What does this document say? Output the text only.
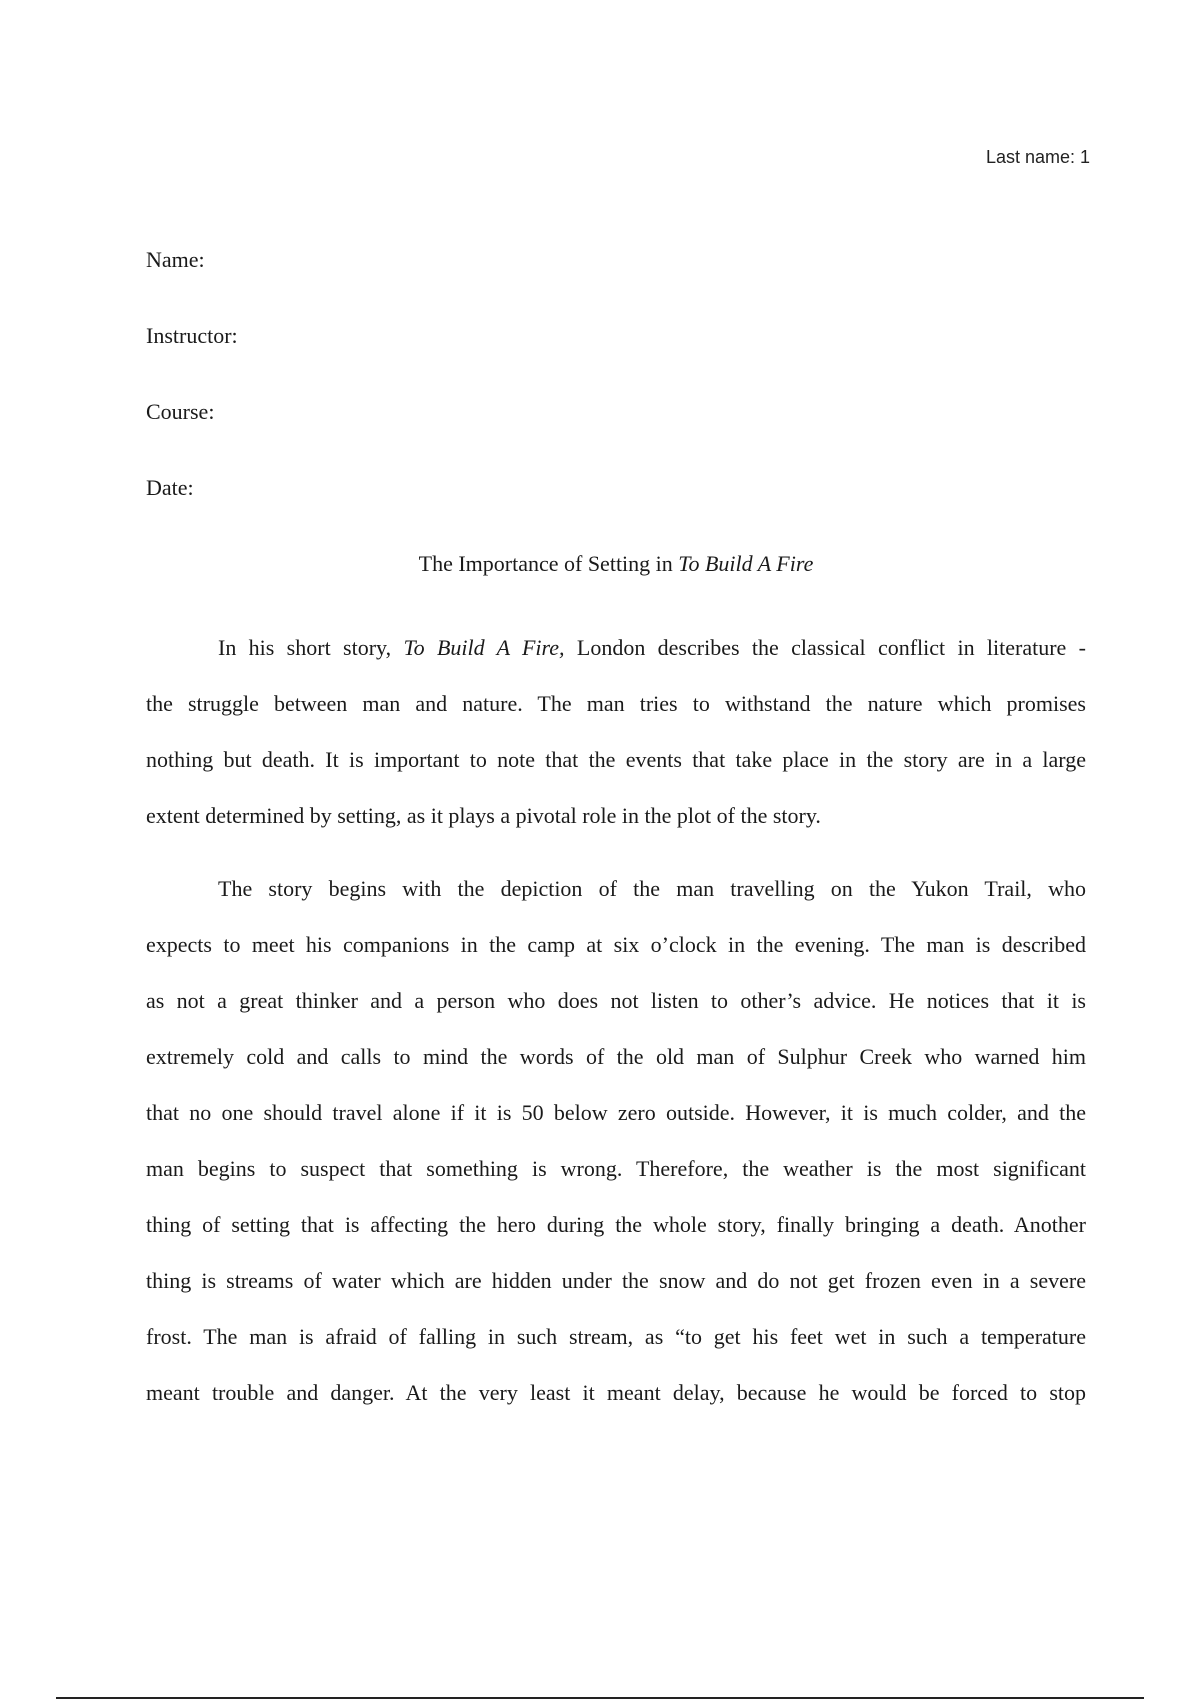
Last name: 1
Name:
Instructor:
Course:
Date:
The Importance of Setting in To Build A Fire
In his short story, To Build A Fire, London describes the classical conflict in literature -
the struggle between man and nature. The man tries to withstand the nature which promises
nothing but death. It is important to note that the events that take place in the story are in a large
extent determined by setting, as it plays a pivotal role in the plot of the story.
The story begins with the depiction of the man travelling on the Yukon Trail, who
expects to meet his companions in the camp at six o’clock in the evening. The man is described
as not a great thinker and a person who does not listen to other’s advice. He notices that it is
extremely cold and calls to mind the words of the old man of Sulphur Creek who warned him
that no one should travel alone if it is 50 below zero outside. However, it is much colder, and the
man begins to suspect that something is wrong. Therefore, the weather is the most significant
thing of setting that is affecting the hero during the whole story, finally bringing a death. Another
thing is streams of water which are hidden under the snow and do not get frozen even in a severe
frost. The man is afraid of falling in such stream, as “to get his feet wet in such a temperature
meant trouble and danger. At the very least it meant delay, because he would be forced to stop
